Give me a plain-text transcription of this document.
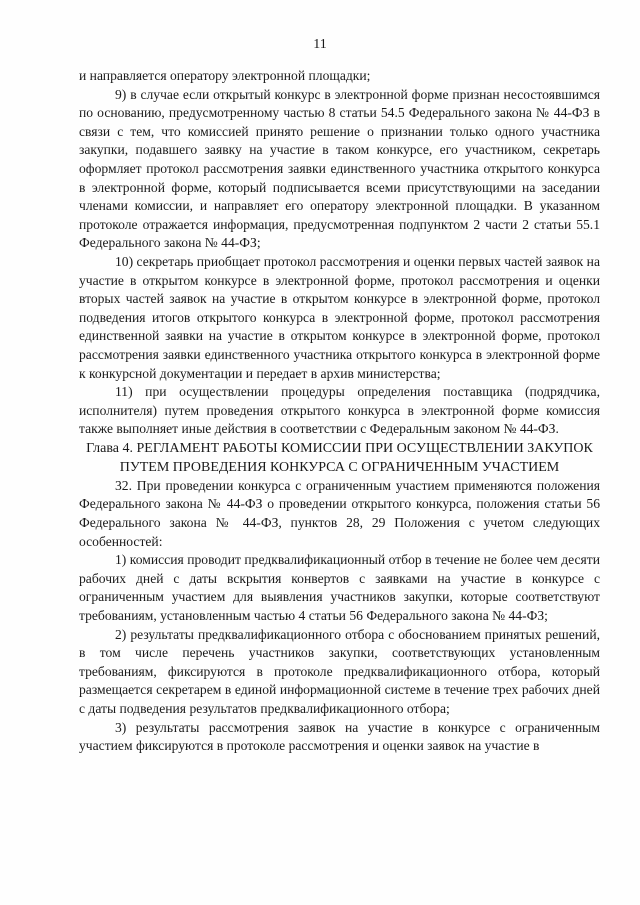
11

и направляется оператору электронной площадки;

9) в случае если открытый конкурс в электронной форме признан несостоявшимся по основанию, предусмотренному частью 8 статьи 54.5 Федерального закона № 44-ФЗ в связи с тем, что комиссией принято решение о признании только одного участника закупки, подавшего заявку на участие в таком конкурсе, его участником, секретарь оформляет протокол рассмотрения заявки единственного участника открытого конкурса в электронной форме, который подписывается всеми присутствующими на заседании членами комиссии, и направляет его оператору электронной площадки. В указанном протоколе отражается информация, предусмотренная подпунктом 2 части 2 статьи 55.1 Федерального закона № 44-ФЗ;

10) секретарь приобщает протокол рассмотрения и оценки первых частей заявок на участие в открытом конкурсе в электронной форме, протокол рассмотрения и оценки вторых частей заявок на участие в открытом конкурсе в электронной форме, протокол подведения итогов открытого конкурса в электронной форме, протокол рассмотрения единственной заявки на участие в открытом конкурсе в электронной форме, протокол рассмотрения заявки единственного участника открытого конкурса в электронной форме к конкурсной документации и передает в архив министерства;

11) при осуществлении процедуры определения поставщика (подрядчика, исполнителя) путем проведения открытого конкурса в электронной форме комиссия также выполняет иные действия в соответствии с Федеральным законом № 44-ФЗ.

Глава 4. РЕГЛАМЕНТ РАБОТЫ КОМИССИИ ПРИ ОСУЩЕСТВЛЕНИИ ЗАКУПОК ПУТЕМ ПРОВЕДЕНИЯ КОНКУРСА С ОГРАНИЧЕННЫМ УЧАСТИЕМ

32. При проведении конкурса с ограниченным участием применяются положения Федерального закона № 44-ФЗ о проведении открытого конкурса, положения статьи 56 Федерального закона № 44-ФЗ, пунктов 28, 29 Положения с учетом следующих особенностей:

1) комиссия проводит предквалификационный отбор в течение не более чем десяти рабочих дней с даты вскрытия конвертов с заявками на участие в конкурсе с ограниченным участием для выявления участников закупки, которые соответствуют требованиям, установленным частью 4 статьи 56 Федерального закона № 44-ФЗ;

2) результаты предквалификационного отбора с обоснованием принятых решений, в том числе перечень участников закупки, соответствующих установленным требованиям, фиксируются в протоколе предквалификационного отбора, который размещается секретарем в единой информационной системе в течение трех рабочих дней с даты подведения результатов предквалификационного отбора;

3) результаты рассмотрения заявок на участие в конкурсе с ограниченным участием фиксируются в протоколе рассмотрения и оценки заявок на участие в
